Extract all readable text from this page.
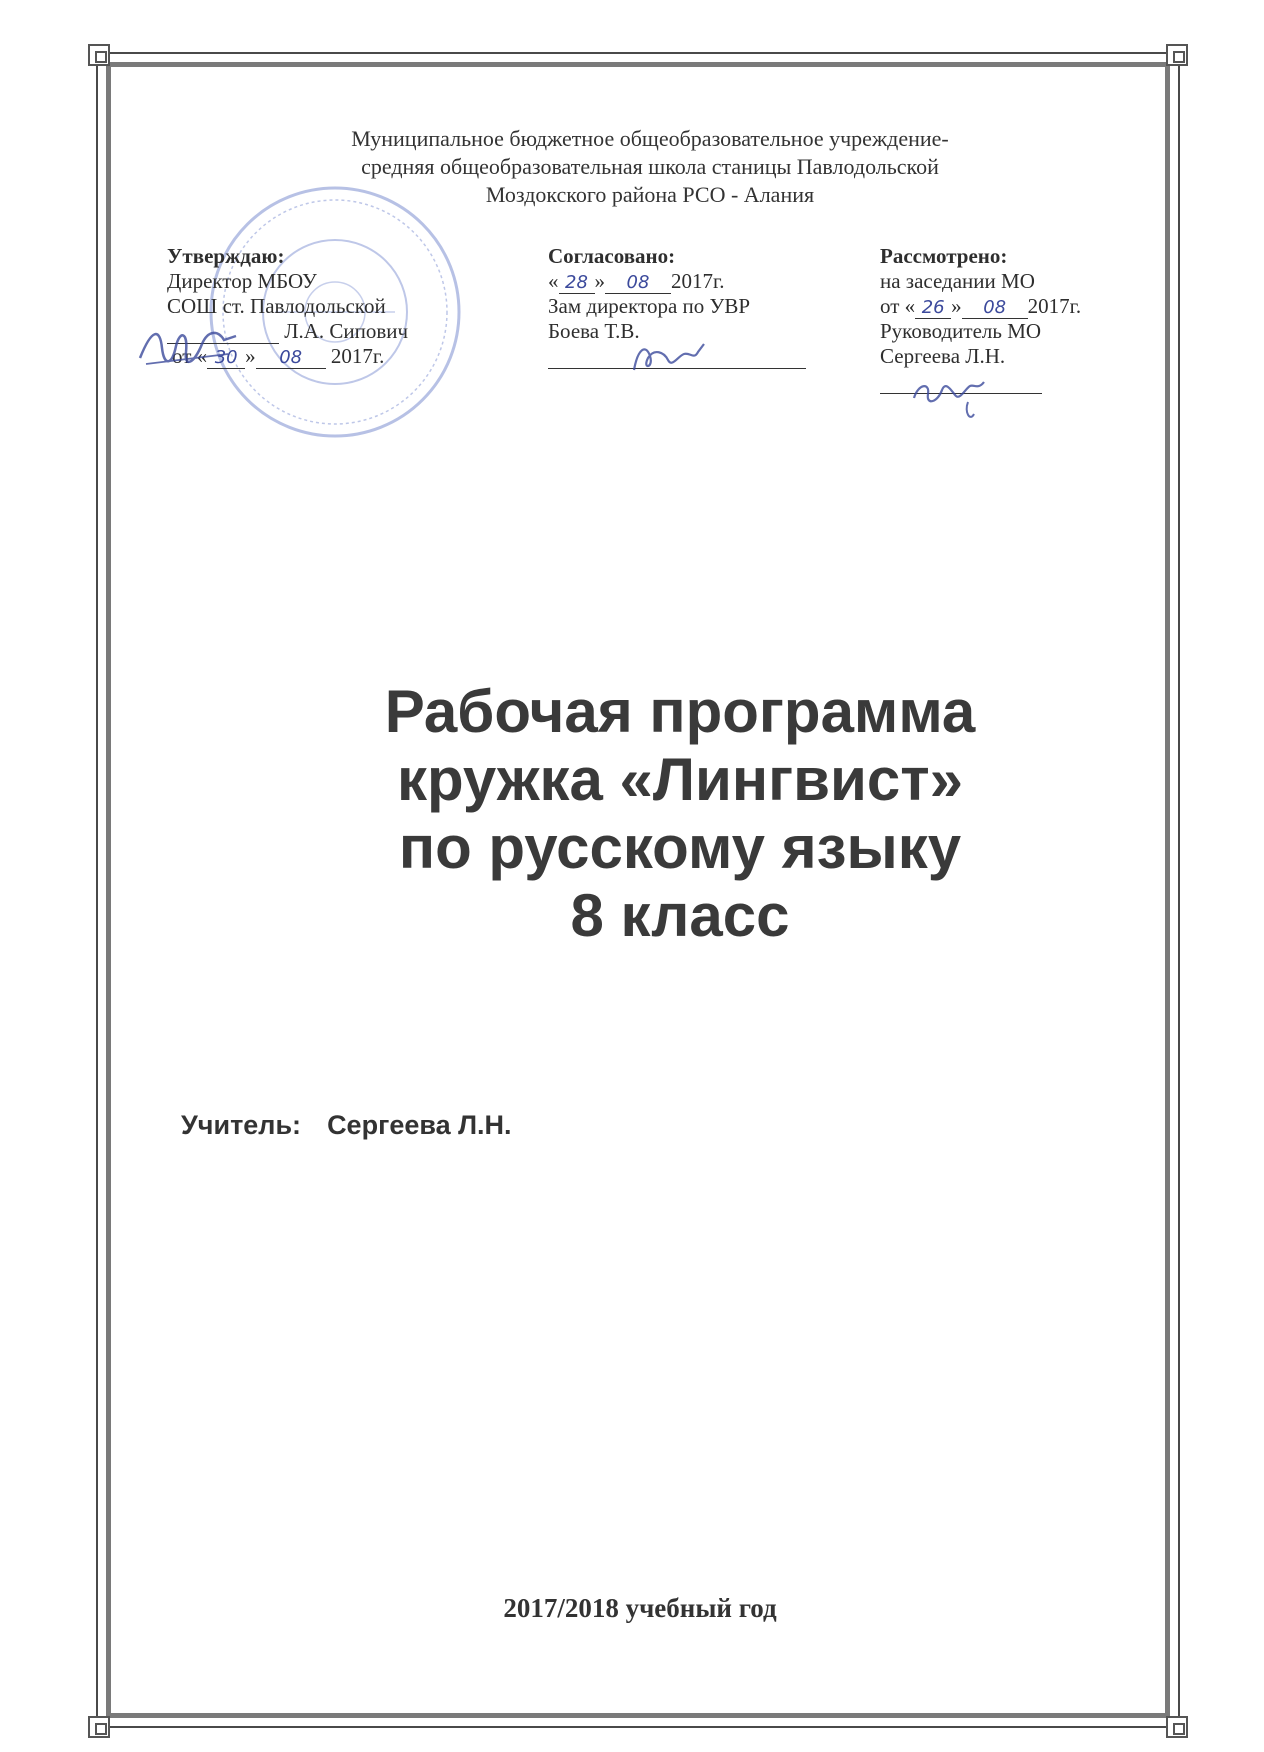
Муниципальное бюджетное общеобразовательное учреждение-
средняя общеобразовательная школа станицы Павлодольской
Моздокского района РСО - Алания
Утверждаю:
Директор МБОУ
СОШ ст. Павлодольской
Л.А. Сипович
от « 30 » 08 2017г.
Согласовано:
« 28 » 08 2017г.
Зам директора по УВР
Боева Т.В.
Рассмотрено:
на заседании МО
от « 26 » 08 2017г.
Руководитель МО
Сергеева Л.Н.
Рабочая программа
кружка «Лингвист»
по русскому языку
8 класс
Учитель: Сергеева Л.Н.
2017/2018 учебный год
